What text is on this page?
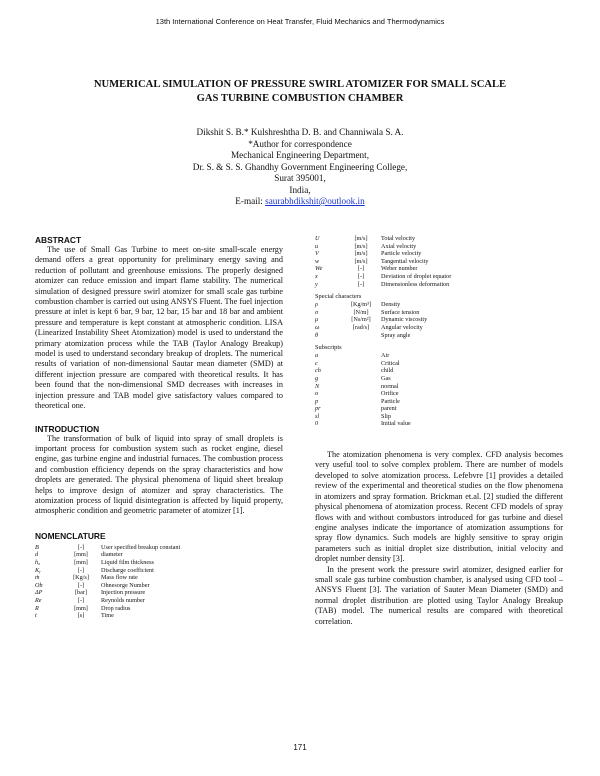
13th International Conference on Heat Transfer, Fluid Mechanics and Thermodynamics
NUMERICAL SIMULATION OF PRESSURE SWIRL ATOMIZER FOR SMALL SCALE
GAS TURBINE COMBUSTION CHAMBER
Dikshit S. B.* Kulshreshtha D. B. and Channiwala S. A.
*Author for correspondence
Mechanical Engineering Department,
Dr. S. & S. S. Ghandhy Government Engineering College,
Surat 395001,
India,
E-mail: saurabhdikshit@outlook.in
ABSTRACT

The use of Small Gas Turbine to meet on-site small-scale energy demand offers a great opportunity for preliminary energy saving and reduction of pollutant and greenhouse emissions. The properly designed atomizer can reduce emission and impart flame stability. The numerical simulation of designed pressure swirl atomizer for small scale gas turbine combustion chamber is carried out using ANSYS Fluent. The fuel injection pressure at inlet is kept 6 bar, 9 bar, 12 bar, 15 bar and 18 bar and ambient pressure and temperature is kept constant at atmospheric condition. LISA (Linearized Instability Sheet Atomization) model is used to understand the primary atomization process while the TAB (Taylor Analogy Breakup) model is used to understand secondary breakup of droplets. The numerical results of variation of non-dimensional Sautar mean diameter (SMD) at different injection pressure are compared with theoretical results. It has been found that the non-dimensional SMD decreases with increases in injection pressure and TAB model give satisfactory values compared to theoretical one.

INTRODUCTION

The transformation of bulk of liquid into spray of small droplets is important process for combustion system such as rocket engine, diesel engine, gas turbine engine and industrial furnaces. The combustion process and combustion efficiency depends on the spray characteristics and how droplets are generated. The physical phenomena of liquid sheet breakup helps to improve design of atomizer and spray characteristics. The atomization process of liquid disintegration is affected by liquid property, atmospheric condition and geometric parameter of atomizer [1].

NOMENCLATURE
B	[-]	User specified breakup constant
d	[mm]	diameter
h₀	[mm]	Liquid film thickness
Kᵧ	[-]	Discharge coefficient
ṁ	[Kg/s]	Mass flow rate
Oh	[-]	Ohnesorge Number
ΔP	[bar]	Injection pressure
Re	[-]	Reynolds number
R	[mm]	Drop radius
t	[s]	Time
U	[m/s]	Total velocity
u	[m/s]	Axial velocity
V	[m/s]	Particle velocity
w	[m/s]	Tangential velocity
We	[-]	Weber number
x	[-]	Deviation of droplet equator
y	[-]	Dimensionless deformation
Special characters
ρ	[Kg/m³]	Density
σ	[N/m]	Surface tension
μ	[Ns/m²]	Dynamic viscosity
ω	[rad/s]	Angular velocity
θ		Spray angle
Subscripts
a	Air
c	Critical
ch	child
g	Gas
N	normal
o	Orifice
p	Particle
pr	parent
sl	Slip
0	Initial value

The atomization phenomena is very complex. CFD analysis becomes very useful tool to solve complex problem. There are number of models developed to solve atomization process. Lefebvre [1] provides a detailed review of the experimental and theoretical studies on the flow phenomena in atomizers and spray formation. Brickman et.al. [2] studied the different physical phenomena of atomization process. Recent CFD models of spray flows with and without combustors introduced for gas turbine and diesel engine analyses indicate the importance of atomization assumptions for spray flow dynamics. Such models are highly sensitive to spray origin parameters such as initial droplet size distribution, initial velocity and droplet number density [3].

In the present work the pressure swirl atomizer, designed earlier for small scale gas turbine combustion chamber, is analysed using CFD tool – ANSYS Fluent [3]. The variation of Sauter Mean Diameter (SMD) and normal droplet distribution are plotted using Taylor Analogy Breakup (TAB) model. The numerical results are compared with theoretical correlation.

171
